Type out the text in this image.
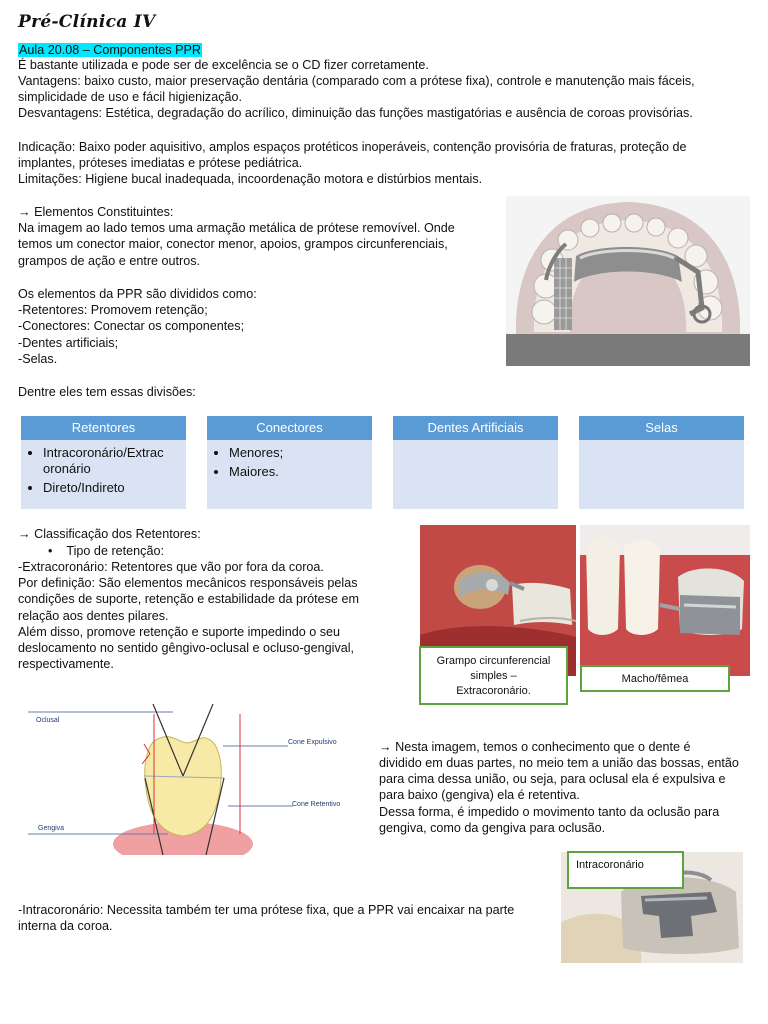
Pré-Clínica IV
Aula 20.08 – Componentes PPR
É bastante utilizada e pode ser de excelência se o CD fizer corretamente.
Vantagens: baixo custo, maior preservação dentária (comparado com a prótese fixa), controle e manutenção mais fáceis,
simplicidade de uso e fácil higienização.
Desvantagens: Estética, degradação do acrílico, diminuição das funções mastigatórias e ausência de coroas provisórias.
Indicação: Baixo poder aquisitivo, amplos espaços protéticos inoperáveis, contenção provisória de fraturas, proteção de
implantes, próteses imediatas e prótese pediátrica.
Limitações: Higiene bucal inadequada, incoordenação motora e distúrbios mentais.
→ Elementos Constituintes:
Na imagem ao lado temos uma armação metálica de prótese removível. Onde
temos um conector maior, conector menor, apoios, grampos circunferenciais,
grampos de ação e entre outros.
Os elementos da PPR são divididos como:
-Retentores: Promovem retenção;
-Conectores: Conectar os componentes;
-Dentes artificiais;
-Selas.
Dentre eles tem essas divisões:
Retentores
• Intracoronário/Extrac oronário
• Direto/Indireto
Conectores
• Menores;
• Maiores.
Dentes Artificiais	Selas
→ Classificação dos Retentores:
•    Tipo de retenção:
-Extracoronário: Retentores que vão por fora da coroa.
Por definição: São elementos mecânicos responsáveis pelas
condições de suporte, retenção e estabilidade da prótese em
relação aos dentes pilares.
Além disso, promove retenção e suporte impedindo o seu
deslocamento no sentido gêngivo-oclusal e ocluso-gengival,
respectivamente.	Grampo circunferencial
simples –
Extracoronário.
Macho/fêmea
Oclusal
Cone Expulsivo
Cone Retentivo
Gengiva
→ Nesta imagem, temos o conhecimento que o dente é
dividido em duas partes, no meio tem a união das bossas, então
para cima dessa união, ou seja, para oclusal ela é expulsiva e
para baixo (gengiva) ela é retentiva.
Dessa forma, é impedido o movimento tanto da oclusão para
gengiva, como da gengiva para oclusão.
Intracoronário
-Intracoronário: Necessita também ter uma prótese fixa, que a PPR vai encaixar na parte
interna da coroa.
